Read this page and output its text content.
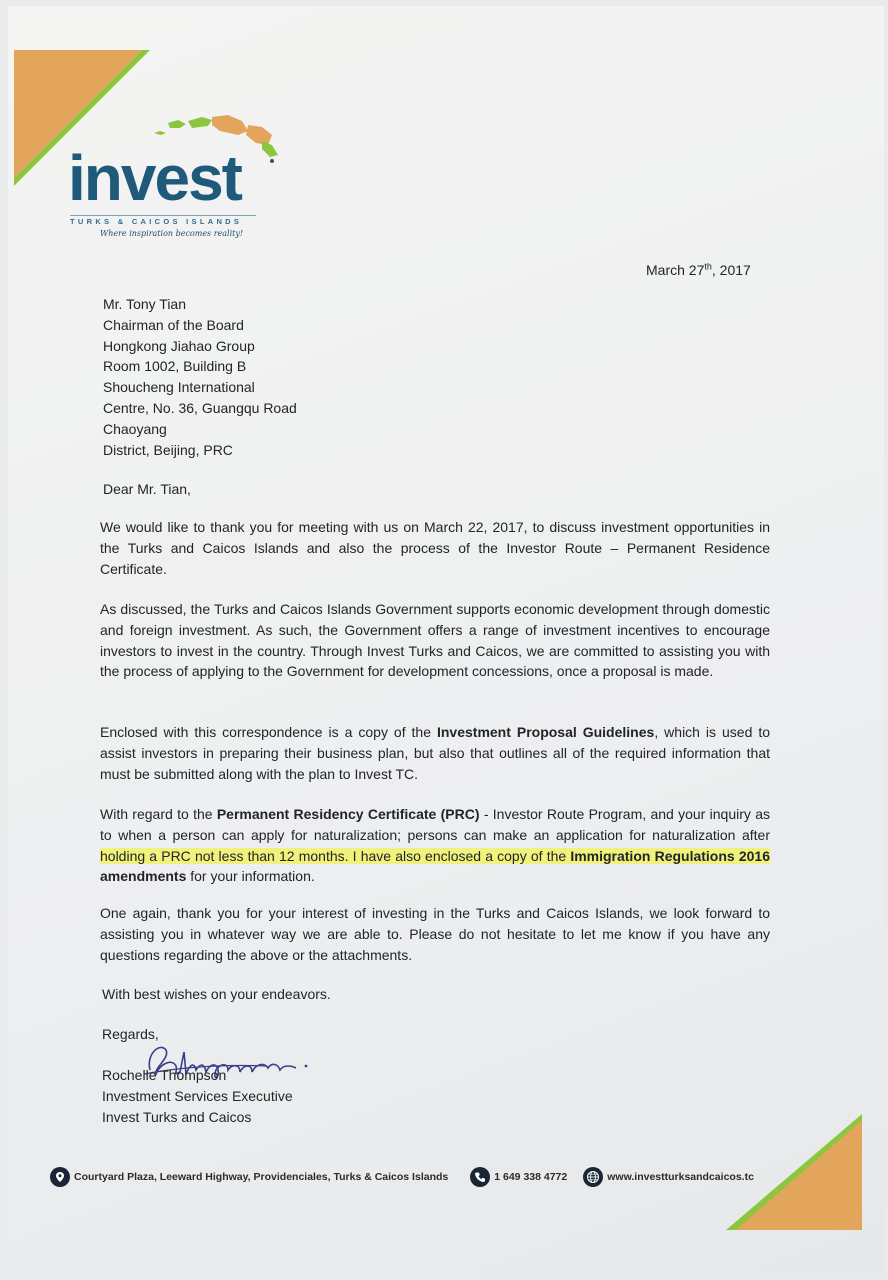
invest
TURKS & CAICOS ISLANDS
Where inspiration becomes reality!
March 27th, 2017
Mr. Tony Tian
Chairman of the Board
Hongkong Jiahao Group
Room 1002, Building B
Shoucheng International
Centre, No. 36, Guangqu Road
Chaoyang
District, Beijing, PRC
Dear Mr. Tian,
We would like to thank you for meeting with us on March 22, 2017, to discuss investment opportunities in the Turks and Caicos Islands and also the process of the Investor Route – Permanent Residence Certificate.
As discussed, the Turks and Caicos Islands Government supports economic development through domestic and foreign investment. As such, the Government offers a range of investment incentives to encourage investors to invest in the country. Through Invest Turks and Caicos, we are committed to assisting you with the process of applying to the Government for development concessions, once a proposal is made.
Enclosed with this correspondence is a copy of the Investment Proposal Guidelines, which is used to assist investors in preparing their business plan, but also that outlines all of the required information that must be submitted along with the plan to Invest TC.
With regard to the Permanent Residency Certificate (PRC) - Investor Route Program, and your inquiry as to when a person can apply for naturalization; persons can make an application for naturalization after holding a PRC not less than 12 months. I have also enclosed a copy of the Immigration Regulations 2016 amendments for your information.
One again, thank you for your interest of investing in the Turks and Caicos Islands, we look forward to assisting you in whatever way we are able to. Please do not hesitate to let me know if you have any questions regarding the above or the attachments.
With best wishes on your endeavors.
Regards,
Rochelle Thompson
Investment Services Executive
Invest Turks and Caicos
Courtyard Plaza, Leeward Highway, Providenciales, Turks & Caicos Islands	1 649 338 4772	www.investturksandcaicos.tc
